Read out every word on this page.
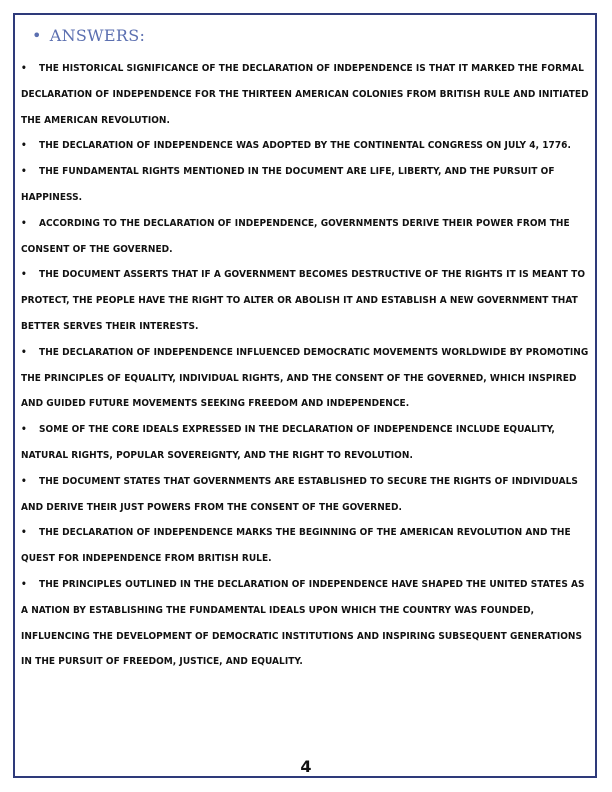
• ANSWERS:
• THE HISTORICAL SIGNIFICANCE OF THE DECLARATION OF INDEPENDENCE IS THAT IT MARKED THE FORMAL DECLARATION OF INDEPENDENCE FOR THE THIRTEEN AMERICAN COLONIES FROM BRITISH RULE AND INITIATED THE AMERICAN REVOLUTION.
• THE DECLARATION OF INDEPENDENCE WAS ADOPTED BY THE CONTINENTAL CONGRESS ON JULY 4, 1776.
• THE FUNDAMENTAL RIGHTS MENTIONED IN THE DOCUMENT ARE LIFE, LIBERTY, AND THE PURSUIT OF HAPPINESS.
• ACCORDING TO THE DECLARATION OF INDEPENDENCE, GOVERNMENTS DERIVE THEIR POWER FROM THE CONSENT OF THE GOVERNED.
• THE DOCUMENT ASSERTS THAT IF A GOVERNMENT BECOMES DESTRUCTIVE OF THE RIGHTS IT IS MEANT TO PROTECT, THE PEOPLE HAVE THE RIGHT TO ALTER OR ABOLISH IT AND ESTABLISH A NEW GOVERNMENT THAT BETTER SERVES THEIR INTERESTS.
• THE DECLARATION OF INDEPENDENCE INFLUENCED DEMOCRATIC MOVEMENTS WORLDWIDE BY PROMOTING THE PRINCIPLES OF EQUALITY, INDIVIDUAL RIGHTS, AND THE CONSENT OF THE GOVERNED, WHICH INSPIRED AND GUIDED FUTURE MOVEMENTS SEEKING FREEDOM AND INDEPENDENCE.
• SOME OF THE CORE IDEALS EXPRESSED IN THE DECLARATION OF INDEPENDENCE INCLUDE EQUALITY, NATURAL RIGHTS, POPULAR SOVEREIGNTY, AND THE RIGHT TO REVOLUTION.
• THE DOCUMENT STATES THAT GOVERNMENTS ARE ESTABLISHED TO SECURE THE RIGHTS OF INDIVIDUALS AND DERIVE THEIR JUST POWERS FROM THE CONSENT OF THE GOVERNED.
• THE DECLARATION OF INDEPENDENCE MARKS THE BEGINNING OF THE AMERICAN REVOLUTION AND THE QUEST FOR INDEPENDENCE FROM BRITISH RULE.
• THE PRINCIPLES OUTLINED IN THE DECLARATION OF INDEPENDENCE HAVE SHAPED THE UNITED STATES AS A NATION BY ESTABLISHING THE FUNDAMENTAL IDEALS UPON WHICH THE COUNTRY WAS FOUNDED, INFLUENCING THE DEVELOPMENT OF DEMOCRATIC INSTITUTIONS AND INSPIRING SUBSEQUENT GENERATIONS IN THE PURSUIT OF FREEDOM, JUSTICE, AND EQUALITY.
4
